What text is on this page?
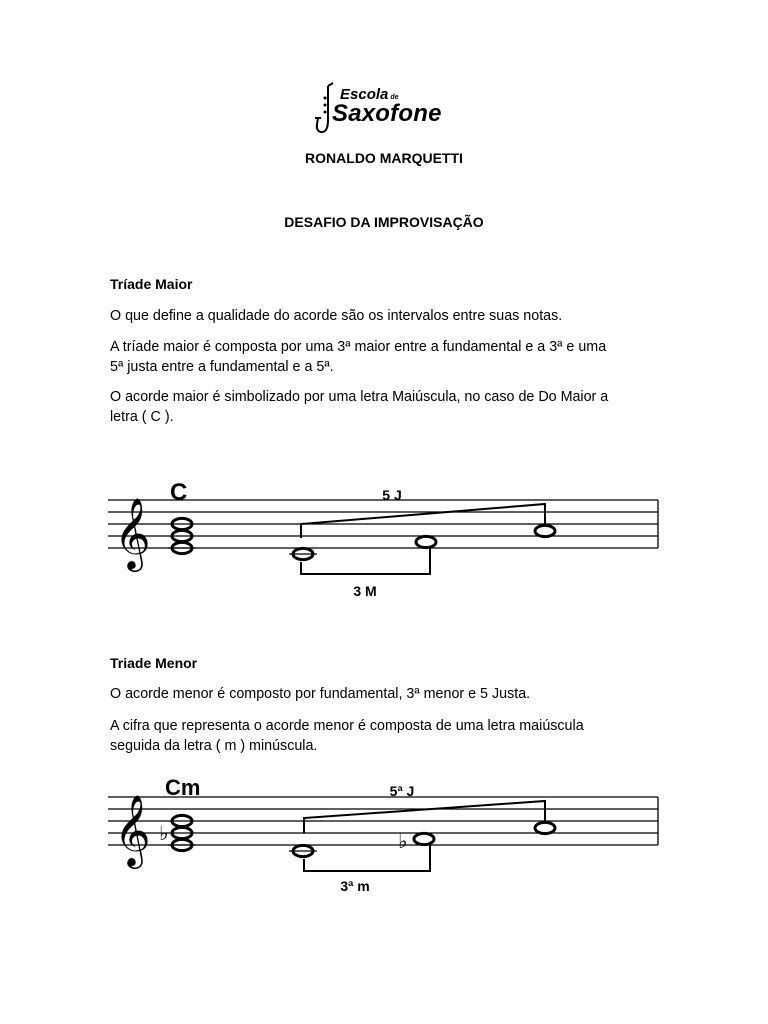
Escola de
Saxofone
RONALDO MARQUETTI
DESAFIO DA IMPROVISAÇÃO
Tríade Maior
O que define a qualidade do acorde são os intervalos entre suas notas.
A tríade maior é composta por uma 3ª maior entre a fundamental e a 3ª e uma
5ª justa entre a fundamental e a 5ª.
O acorde maior é simbolizado por uma letra Maiúscula, no caso de Do Maior a
letra ( C ).
𝄞
C	5 J
3 M
Triade Menor
O acorde menor é composto por fundamental, 3ª menor e 5 Justa.
A cifra que representa o acorde menor é composta de uma letra maiúscula
seguida da letra ( m ) minúscula.
𝄞
Cm
♭	♭
5ª J
3ª m
